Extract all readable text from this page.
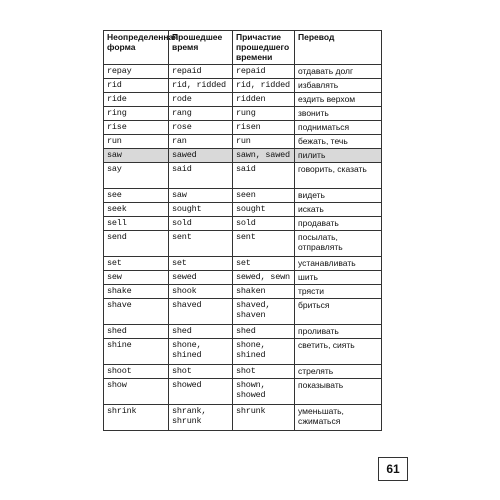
Неопределенная форма	Прошедшее время	Причастие прошедшего времени	Перевод
repay	repaid	repaid	отдавать долг
rid	rid, ridded	rid, ridded	избавлять
ride	rode	ridden	ездить верхом
ring	rang	rung	звонить
rise	rose	risen	подниматься
run	ran	run	бежать, течь
saw	sawed	sawn, sawed	пилить
say	said	said	говорить, сказать
see	saw	seen	видеть
seek	sought	sought	искать
sell	sold	sold	продавать
send	sent	sent	посылать, отправлять
set	set	set	устанавливать
sew	sewed	sewed, sewn	шить
shake	shook	shaken	трясти
shave	shaved	shaved, shaven	бриться
shed	shed	shed	проливать
shine	shone, shined	shone, shined	светить, сиять
shoot	shot	shot	стрелять
show	showed	shown, showed	показывать
shrink	shrank, shrunk	shrunk	уменьшать, сжиматься
61
